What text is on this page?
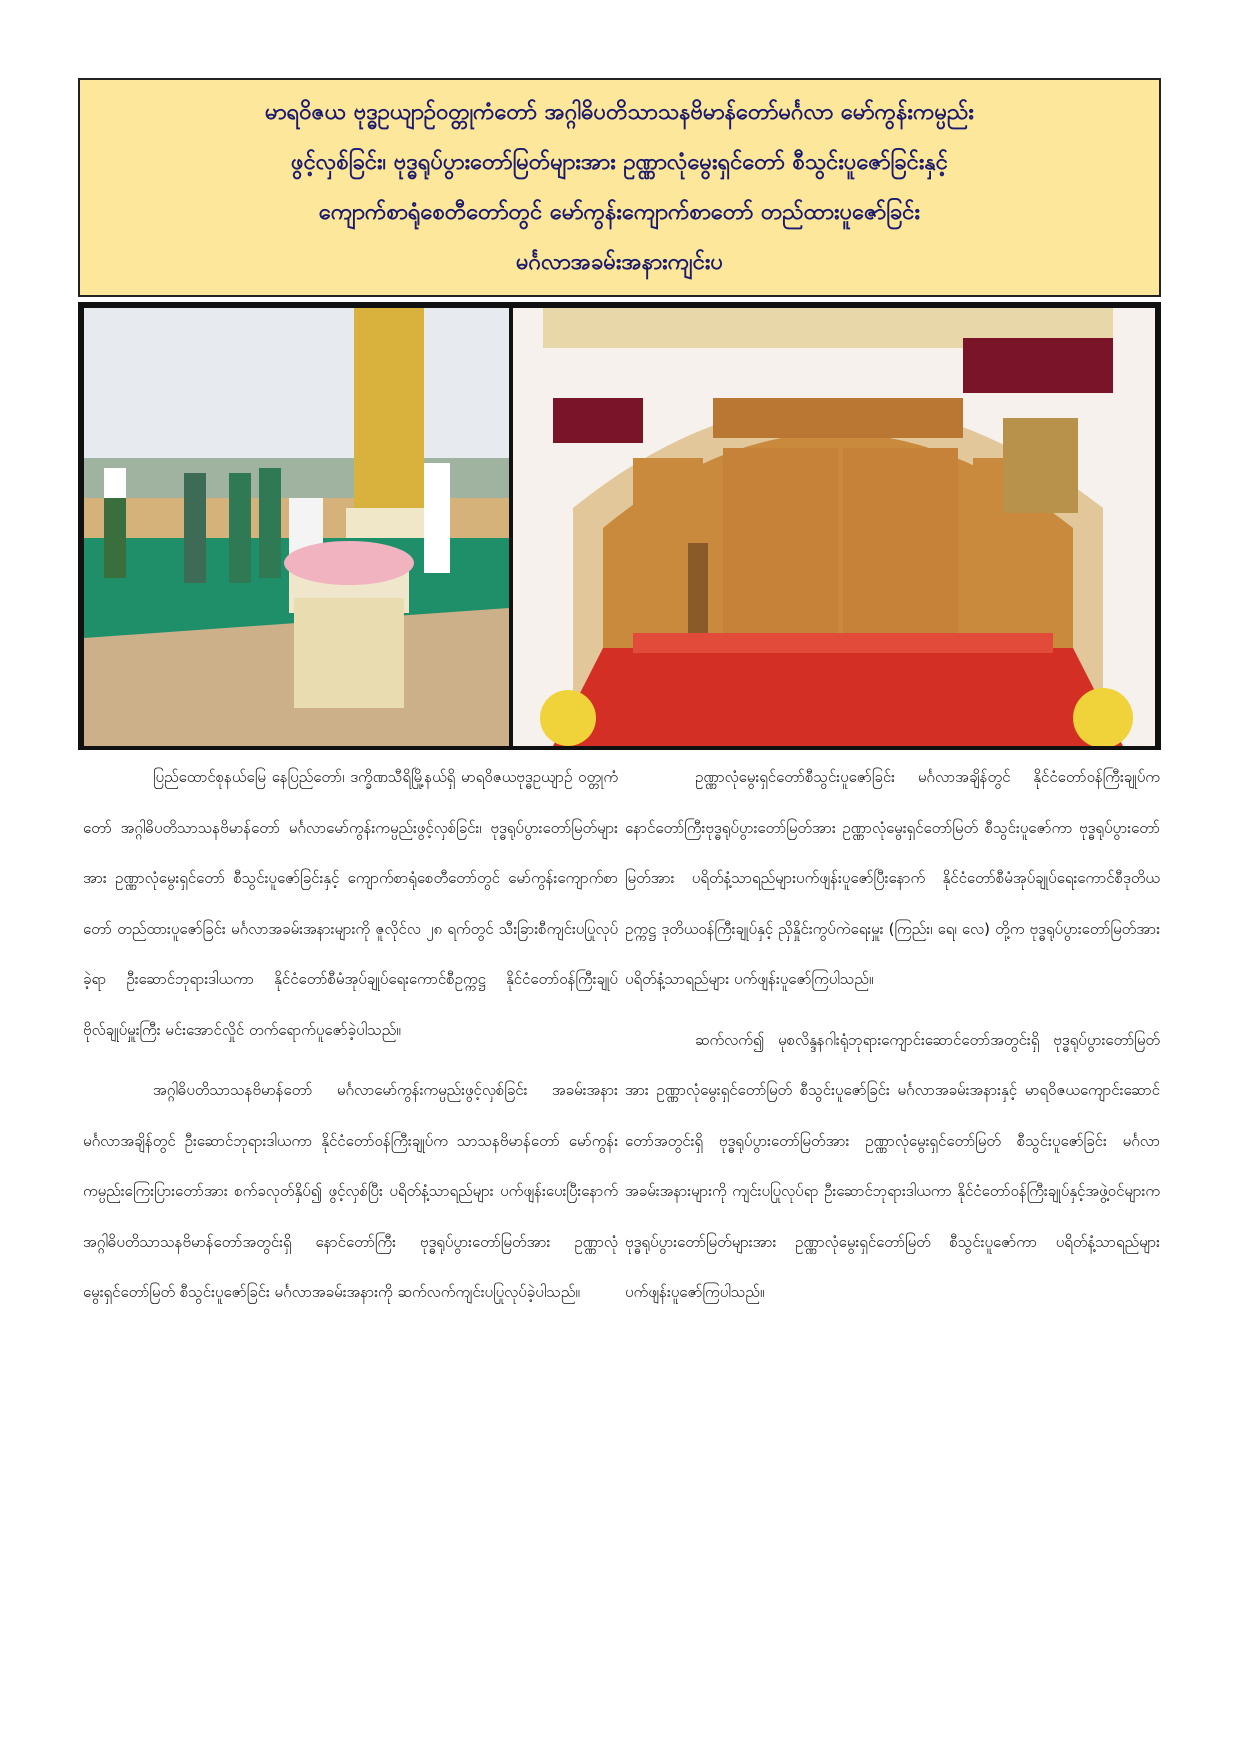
မာရဝိဇယ ဗုဒ္ဓဥယျာဉ်ဝတ္တုကံတော် အဂ္ဂါဓိပတိသာသနဗိမာန်တော်မင်္ဂလာ မော်ကွန်းကမ္ပည်း
ဖွင့်လှစ်ခြင်း၊ ဗုဒ္ဓရုပ်ပွားတော်မြတ်များအား ဥဏ္ဏာလုံမွေးရှင်တော် စီသွင်းပူဇော်ခြင်းနှင့်
ကျောက်စာရုံစေတီတော်တွင် မော်ကွန်းကျောက်စာတော် တည်ထားပူဇော်ခြင်း
မင်္ဂလာအခမ်းအနားကျင်းပ

ပြည်ထောင်စုနယ်မြေ နေပြည်တော်၊ ဒက္ခိဏသီရိမြို့နယ်ရှိ မာရဝိဇယဗုဒ္ဓဥယျာဉ် ဝတ္တုကံတော် အဂ္ဂါဓိပတိသာသနဗိမာန်တော် မင်္ဂလာမော်ကွန်းကမ္ပည်းဖွင့်လှစ်ခြင်း၊ ဗုဒ္ဓရုပ်ပွားတော်မြတ်များအား ဥဏ္ဏာလုံမွေးရှင်တော် စီသွင်းပူဇော်ခြင်းနှင့် ကျောက်စာရုံစေတီတော်တွင် မော်ကွန်းကျောက်စာတော် တည်ထားပူဇော်ခြင်း မင်္ဂလာအခမ်းအနားများကို ဇူလိုင်လ ၂၈ ရက်တွင် သီးခြားစီကျင်းပပြုလုပ်ခဲ့ရာ ဦးဆောင်ဘုရားဒါယကာ နိုင်ငံတော်စီမံအုပ်ချုပ်ရေးကောင်စီဥက္ကဋ္ဌ နိုင်ငံတော်ဝန်ကြီးချုပ် ဗိုလ်ချုပ်မှူးကြီး မင်းအောင်လှိုင် တက်ရောက်ပူဇော်ခဲ့ပါသည်။

အဂ္ဂါဓိပတိသာသနဗိမာန်တော် မင်္ဂလာမော်ကွန်းကမ္ပည်းဖွင့်လှစ်ခြင်း အခမ်းအနား မင်္ဂလာအချိန်တွင် ဦးဆောင်ဘုရားဒါယကာ နိုင်ငံတော်ဝန်ကြီးချုပ်က သာသနဗိမာန်တော် မော်ကွန်းကမ္ပည်းကြေးပြားတော်အား စက်ခလုတ်နှိပ်၍ ဖွင့်လှစ်ပြီး ပရိတ်နံ့သာရည်များ ပက်ဖျန်းပေးပြီးနောက် အဂ္ဂါဓိပတိသာသနဗိမာန်တော်အတွင်းရှိ နောင်တော်ကြီး ဗုဒ္ဓရုပ်ပွားတော်မြတ်အား ဥဏ္ဏာလုံမွေးရှင်တော်မြတ် စီသွင်းပူဇော်ခြင်း မင်္ဂလာအခမ်းအနားကို ဆက်လက်ကျင်းပပြုလုပ်ခဲ့ပါသည်။

ဥဏ္ဏာလုံမွေးရှင်တော်စီသွင်းပူဇော်ခြင်း မင်္ဂလာအချိန်တွင် နိုင်ငံတော်ဝန်ကြီးချုပ်က နောင်တော်ကြီးဗုဒ္ဓရုပ်ပွားတော်မြတ်အား ဥဏ္ဏာလုံမွေးရှင်တော်မြတ် စီသွင်းပူဇော်ကာ ဗုဒ္ဓရုပ်ပွားတော်မြတ်အား ပရိတ်နံ့သာရည်များပက်ဖျန်းပူဇော်ပြီးနောက် နိုင်ငံတော်စီမံအုပ်ချုပ်ရေးကောင်စီဒုတိယဥက္ကဋ္ဌ ဒုတိယဝန်ကြီးချုပ်နှင့် ညှိနှိုင်းကွပ်ကဲရေးမှူး (ကြည်း၊ ရေ၊ လေ) တို့က ဗုဒ္ဓရုပ်ပွားတော်မြတ်အား ပရိတ်နံ့သာရည်များ ပက်ဖျန်းပူဇော်ကြပါသည်။

ဆက်လက်၍ မုစလိန္ဒနဂါးရုံဘုရားကျောင်းဆောင်တော်အတွင်းရှိ ဗုဒ္ဓရုပ်ပွားတော်မြတ်အား ဥဏ္ဏာလုံမွေးရှင်တော်မြတ် စီသွင်းပူဇော်ခြင်း မင်္ဂလာအခမ်းအနားနှင့် မာရဝိဇယကျောင်းဆောင်တော်အတွင်းရှိ ဗုဒ္ဓရုပ်ပွားတော်မြတ်အား ဥဏ္ဏာလုံမွေးရှင်တော်မြတ် စီသွင်းပူဇော်ခြင်း မင်္ဂလာအခမ်းအနားများကို ကျင်းပပြုလုပ်ရာ ဦးဆောင်ဘုရားဒါယကာ နိုင်ငံတော်ဝန်ကြီးချုပ်နှင့်အဖွဲ့ဝင်များက ဗုဒ္ဓရုပ်ပွားတော်မြတ်များအား ဥဏ္ဏာလုံမွေးရှင်တော်မြတ် စီသွင်းပူဇော်ကာ ပရိတ်နံ့သာရည်များ ပက်ဖျန်းပူဇော်ကြပါသည်။
